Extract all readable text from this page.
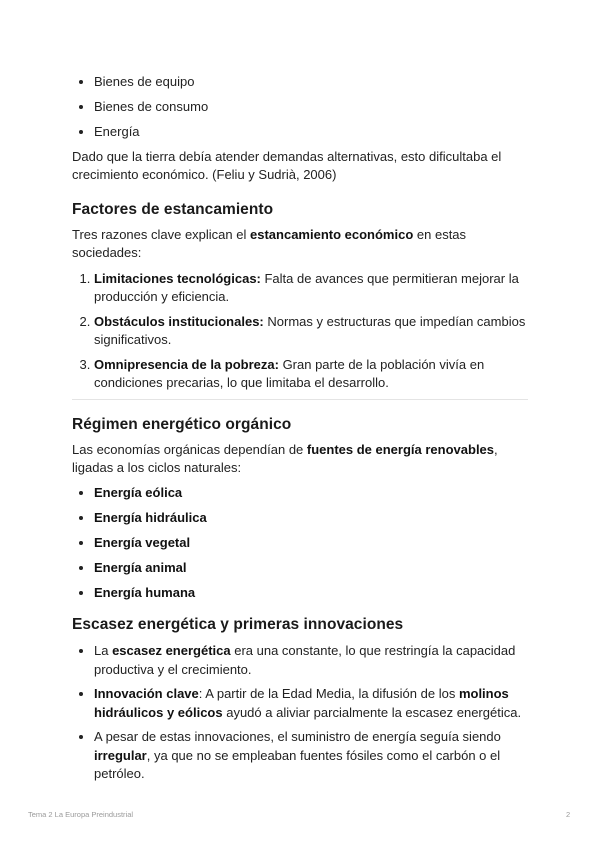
• Bienes de equipo
• Bienes de consumo
• Energía

Dado que la tierra debía atender demandas alternativas, esto dificultaba el crecimiento económico. (Feliu y Sudrià, 2006)

Factores de estancamiento

Tres razones clave explican el estancamiento económico en estas sociedades:

1. Limitaciones tecnológicas: Falta de avances que permitieran mejorar la producción y eficiencia.
2. Obstáculos institucionales: Normas y estructuras que impedían cambios significativos.
3. Omnipresencia de la pobreza: Gran parte de la población vivía en condiciones precarias, lo que limitaba el desarrollo.
Régimen energético orgánico

Las economías orgánicas dependían de fuentes de energía renovables, ligadas a los ciclos naturales:

• Energía eólica
• Energía hidráulica
• Energía vegetal
• Energía animal
• Energía humana
Escasez energética y primeras innovaciones
• La escasez energética era una constante, lo que restringía la capacidad productiva y el crecimiento.
• Innovación clave: A partir de la Edad Media, la difusión de los molinos hidráulicos y eólicos ayudó a aliviar parcialmente la escasez energética.
• A pesar de estas innovaciones, el suministro de energía seguía siendo irregular, ya que no se empleaban fuentes fósiles como el carbón o el petróleo.
Tema 2 La Europa Preindustrial	2
